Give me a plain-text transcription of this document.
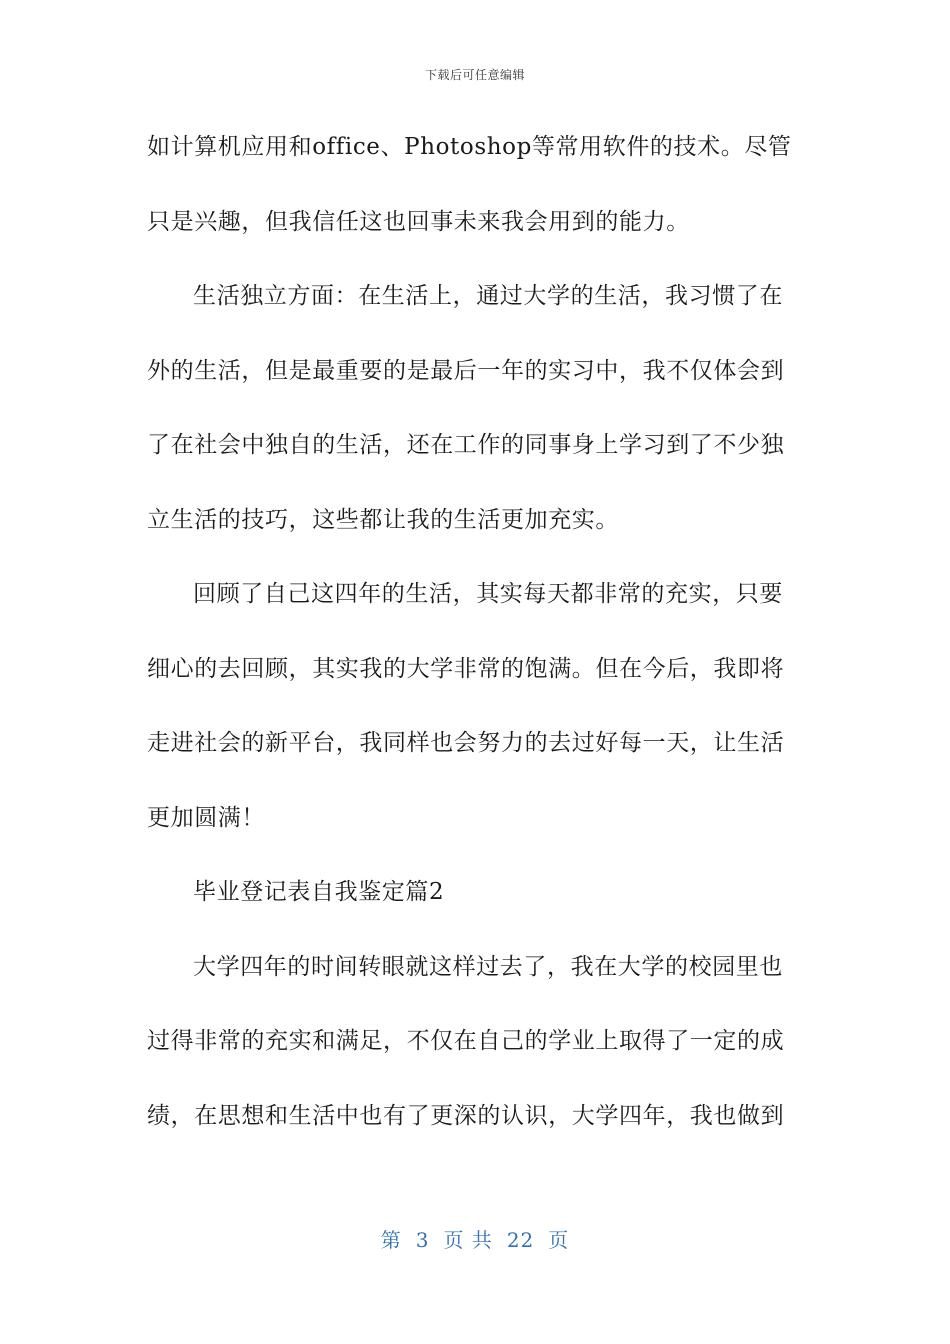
下载后可任意编辑
如计算机应用和office、Photoshop等常用软件的技术。尽管
只是兴趣，但我信任这也回事未来我会用到的能力。
生活独立方面：在生活上，通过大学的生活，我习惯了在
外的生活，但是最重要的是最后一年的实习中，我不仅体会到
了在社会中独自的生活，还在工作的同事身上学习到了不少独
立生活的技巧，这些都让我的生活更加充实。
回顾了自己这四年的生活，其实每天都非常的充实，只要
细心的去回顾，其实我的大学非常的饱满。但在今后，我即将
走进社会的新平台，我同样也会努力的去过好每一天，让生活
更加圆满！
毕业登记表自我鉴定篇2
大学四年的时间转眼就这样过去了，我在大学的校园里也
过得非常的充实和满足，不仅在自己的学业上取得了一定的成
绩，在思想和生活中也有了更深的认识，大学四年，我也做到
第 3 页 共 22 页
